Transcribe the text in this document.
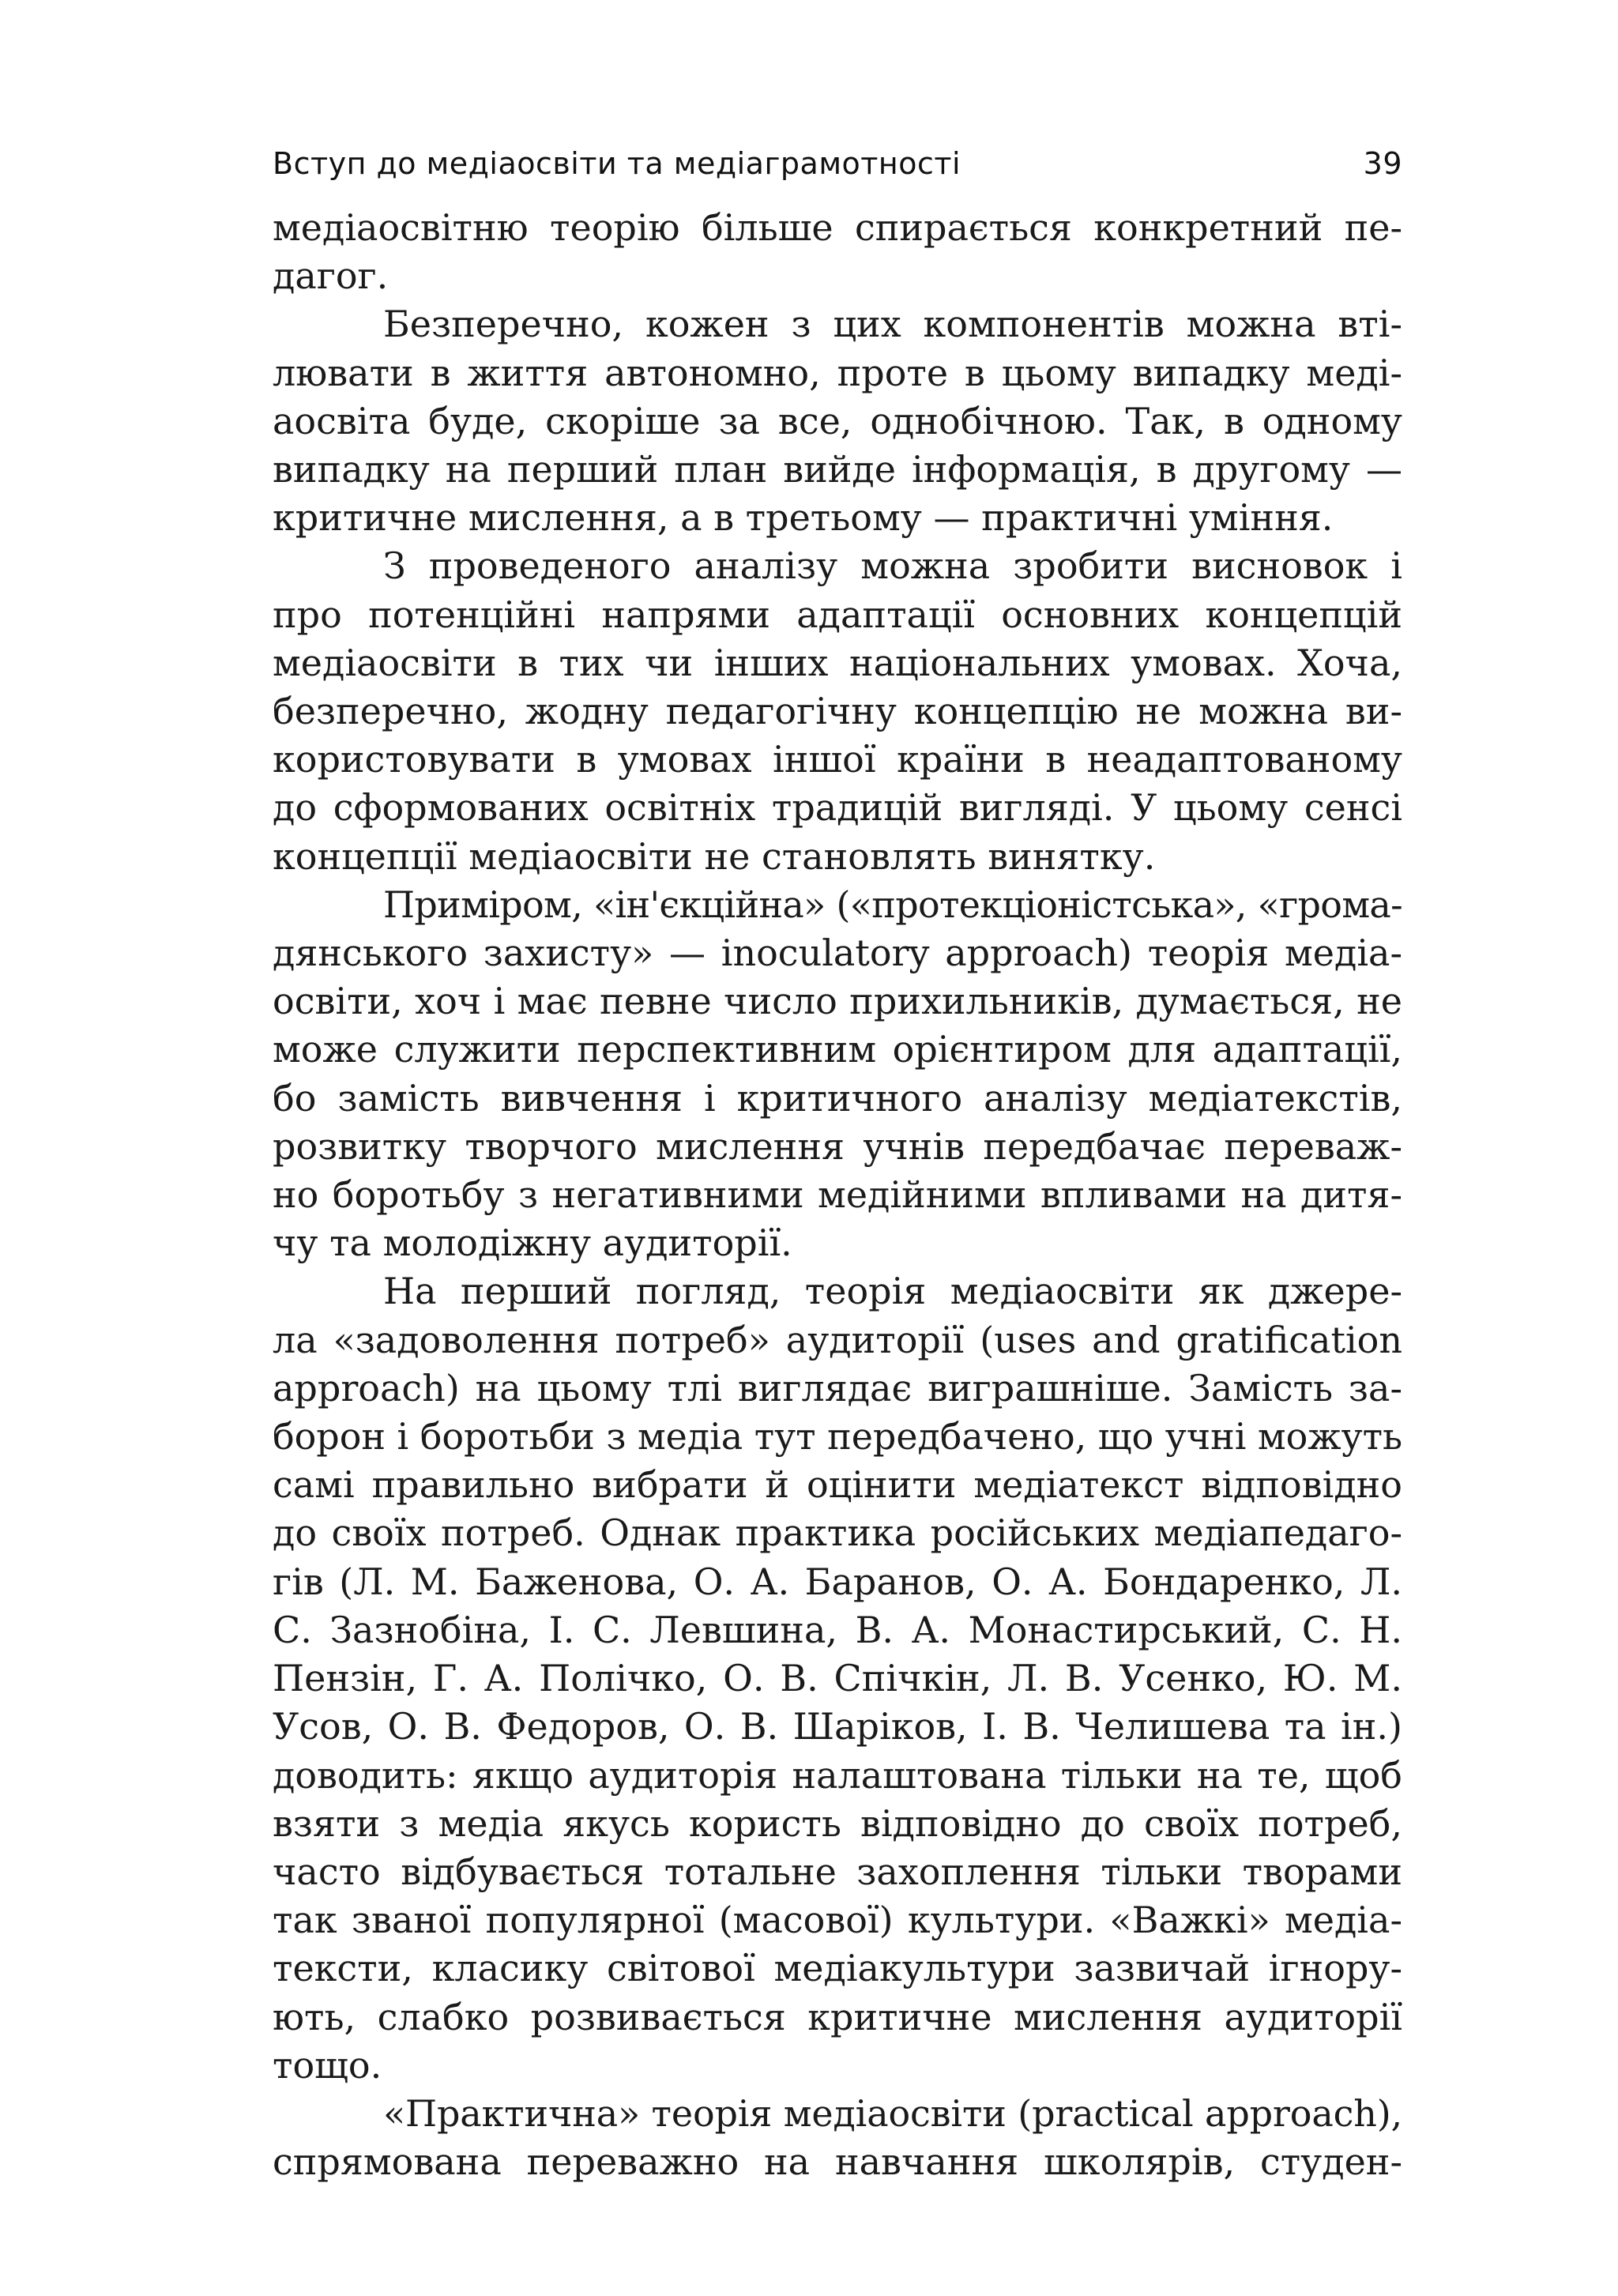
Вступ до медіаосвіти та медіаграмотності	39
медіаосвітню теорію більше спирається конкретний пе-
дагог.
Безперечно, кожен з цих компонентів можна вті-
лювати в життя автономно, проте в цьому випадку меді-
аосвіта буде, скоріше за все, однобічною. Так, в одному
випадку на перший план вийде інформація, в другому —
критичне мислення, а в третьому — практичні уміння.
З проведеного аналізу можна зробити висновок і
про потенційні напрями адаптації основних концепцій
медіаосвіти в тих чи інших національних умовах. Хоча,
безперечно, жодну педагогічну концепцію не можна ви-
користовувати в умовах іншої країни в неадаптованому
до сформованих освітніх традицій вигляді. У цьому сенсі
концепції медіаосвіти не становлять винятку.
Приміром, «ін'єкційна» («протекціоністська», «грома-
дянського захисту» — inoculatory approach) теорія медіа-
освіти, хоч і має певне число прихильників, думається, не
може служити перспективним орієнтиром для адаптації,
бо замість вивчення і критичного аналізу медіатекстів,
розвитку творчого мислення учнів передбачає переваж-
но боротьбу з негативними медійними впливами на дитя-
чу та молодіжну аудиторії.
На перший погляд, теорія медіаосвіти як джере-
ла «задоволення потреб» аудиторії (uses and gratification
approach) на цьому тлі виглядає виграшніше. Замість за-
борон і боротьби з медіа тут передбачено, що учні можуть
самі правильно вибрати й оцінити медіатекст відповідно
до своїх потреб. Однак практика російських медіапедаго-
гів (Л. М. Баженова, О. А. Баранов, О. А. Бондаренко, Л.
С. Зазнобіна, І. С. Левшина, В. А. Монастирський, С. Н.
Пензін, Г. А. Полічко, О. В. Спічкін, Л. В. Усенко, Ю. М.
Усов, О. В. Федоров, О. В. Шаріков, І. В. Челишева та ін.)
доводить: якщо аудиторія налаштована тільки на те, щоб
взяти з медіа якусь користь відповідно до своїх потреб,
часто відбувається тотальне захоплення тільки творами
так званої популярної (масової) культури. «Важкі» медіа-
тексти, класику світової медіакультури зазвичай ігнору-
ють, слабко розвивається критичне мислення аудиторії
тощо.
«Практична» теорія медіаосвіти (practical approach),
спрямована переважно на навчання школярів, студен-
